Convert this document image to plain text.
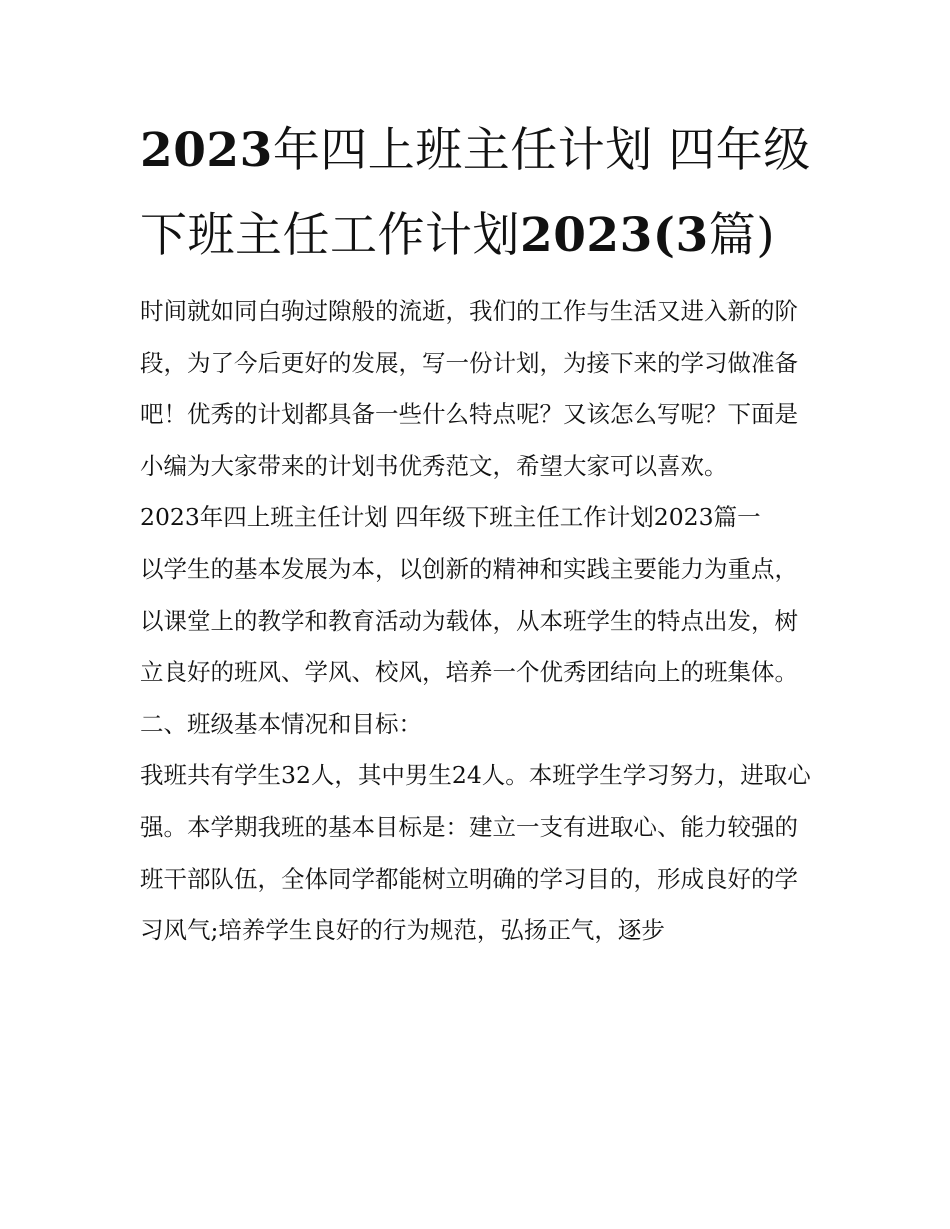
2023年四上班主任计划 四年级下班主任工作计划2023(3篇)

时间就如同白驹过隙般的流逝，我们的工作与生活又进入新的阶段，为了今后更好的发展，写一份计划，为接下来的学习做准备吧！优秀的计划都具备一些什么特点呢？又该怎么写呢？下面是小编为大家带来的计划书优秀范文，希望大家可以喜欢。

2023年四上班主任计划 四年级下班主任工作计划2023篇一

以学生的基本发展为本，以创新的精神和实践主要能力为重点，以课堂上的教学和教育活动为载体，从本班学生的特点出发，树立良好的班风、学风、校风，培养一个优秀团结向上的班集体。

二、班级基本情况和目标：

我班共有学生32人，其中男生24人。本班学生学习努力，进取心强。本学期我班的基本目标是：建立一支有进取心、能力较强的班干部队伍，全体同学都能树立明确的学习目的，形成良好的学习风气;培养学生良好的行为规范，弘扬正气，逐步
